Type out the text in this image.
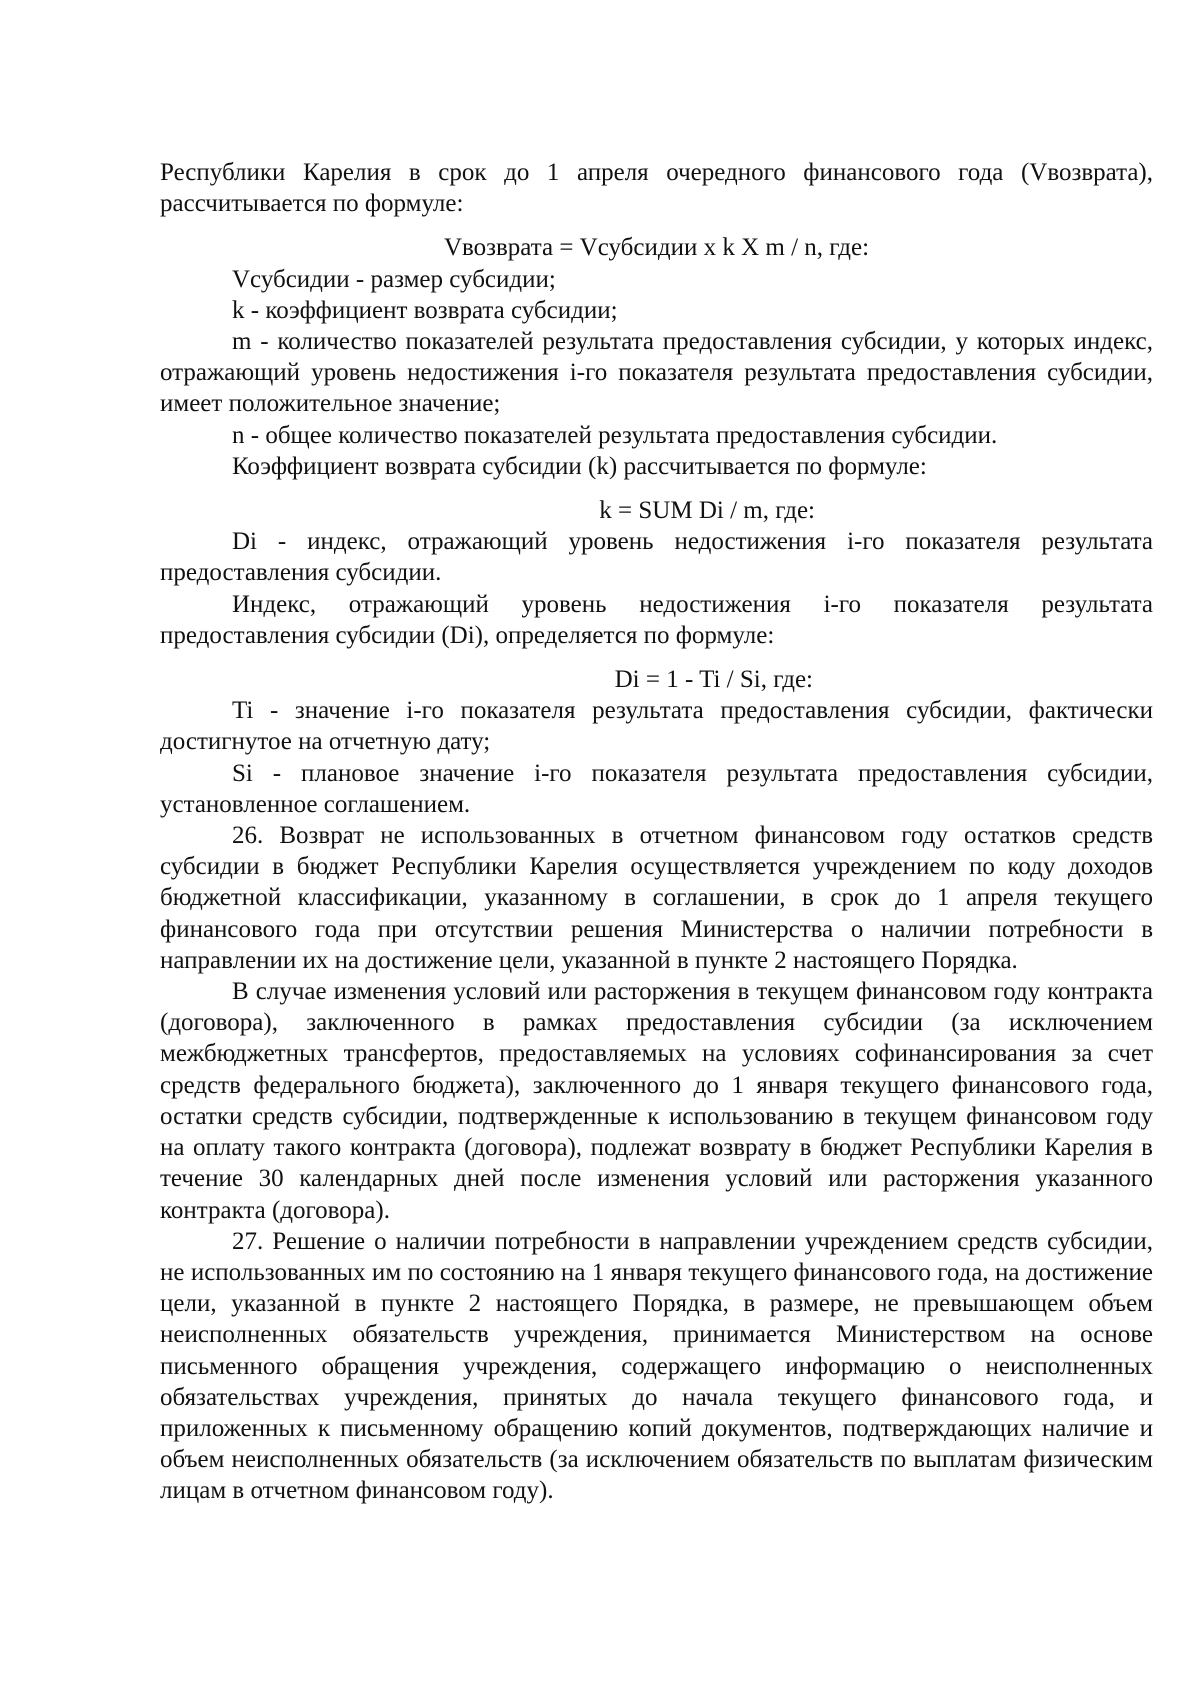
Республики Карелия в срок до 1 апреля очередного финансового года (Vвозврата), рассчитывается по формуле:

Vвозврата = Vсубсидии x k X m / n, где:

Vсубсидии - размер субсидии;

k - коэффициент возврата субсидии;

m - количество показателей результата предоставления субсидии, у которых индекс, отражающий уровень недостижения i-го показателя результата предоставления субсидии, имеет положительное значение;

n - общее количество показателей результата предоставления субсидии.

Коэффициент возврата субсидии (k) рассчитывается по формуле:

k = SUM Di / m, где:

Di - индекс, отражающий уровень недостижения i-го показателя результата предоставления субсидии.

Индекс, отражающий уровень недостижения i-го показателя результата предоставления субсидии (Di), определяется по формуле:

Di = 1 - Ti / Si, где:

Ti - значение i-го показателя результата предоставления субсидии, фактически достигнутое на отчетную дату;

Si - плановое значение i-го показателя результата предоставления субсидии, установленное соглашением.

26. Возврат не использованных в отчетном финансовом году остатков средств субсидии в бюджет Республики Карелия осуществляется учреждением по коду доходов бюджетной классификации, указанному в соглашении, в срок до 1 апреля текущего финансового года при отсутствии решения Министерства о наличии потребности в направлении их на достижение цели, указанной в пункте 2 настоящего Порядка.

В случае изменения условий или расторжения в текущем финансовом году контракта (договора), заключенного в рамках предоставления субсидии (за исключением межбюджетных трансфертов, предоставляемых на условиях софинансирования за счет средств федерального бюджета), заключенного до 1 января текущего финансового года, остатки средств субсидии, подтвержденные к использованию в текущем финансовом году на оплату такого контракта (договора), подлежат возврату в бюджет Республики Карелия в течение 30 календарных дней после изменения условий или расторжения указанного контракта (договора).

27. Решение о наличии потребности в направлении учреждением средств субсидии, не использованных им по состоянию на 1 января текущего финансового года, на достижение цели, указанной в пункте 2 настоящего Порядка, в размере, не превышающем объем неисполненных обязательств учреждения, принимается Министерством на основе письменного обращения учреждения, содержащего информацию о неисполненных обязательствах учреждения, принятых до начала текущего финансового года, и приложенных к письменному обращению копий документов, подтверждающих наличие и объем неисполненных обязательств (за исключением обязательств по выплатам физическим лицам в отчетном финансовом году).
